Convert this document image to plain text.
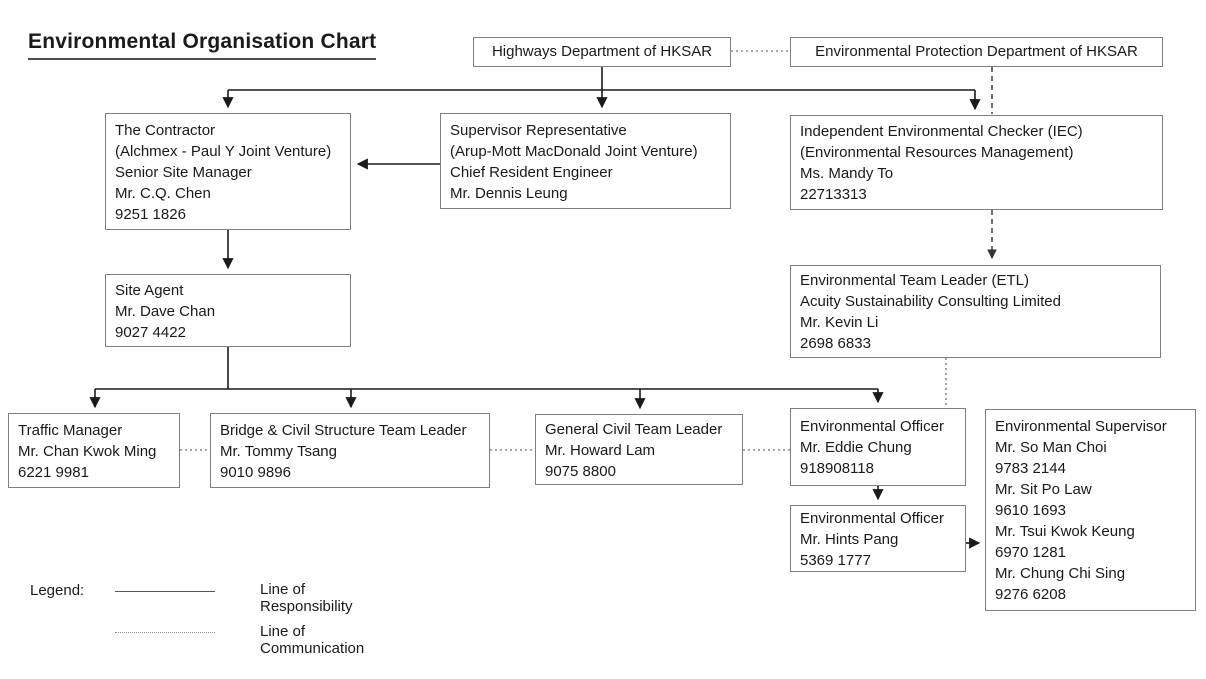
Environmental Organisation Chart	Highways Department of HKSAR	Environmental Protection Department of HKSAR
The Contractor
(Alchmex - Paul Y Joint Venture)
Senior Site Manager
Mr. C.Q. Chen
9251 1826
Supervisor Representative
(Arup-Mott MacDonald Joint Venture)
Chief Resident Engineer
Mr. Dennis Leung
Independent Environmental Checker (IEC)
(Environmental Resources Management)
Ms. Mandy To
22713313
Site Agent
Mr. Dave Chan
9027 4422
Environmental Team Leader (ETL)
Acuity Sustainability Consulting Limited
Mr. Kevin Li
2698 6833
Traffic Manager
Mr. Chan Kwok Ming
6221 9981
Bridge & Civil Structure Team Leader
Mr. Tommy Tsang
9010 9896
General Civil Team Leader
Mr. Howard Lam
9075 8800
Environmental Officer
Mr. Eddie Chung
918908118
Environmental Officer
Mr. Hints Pang
5369 1777
Environmental Supervisor
Mr. So Man Choi
9783 2144
Mr. Sit Po Law
9610 1693
Mr. Tsui Kwok Keung
6970 1281
Mr. Chung Chi Sing
9276 6208
Legend:	Line of Responsibility
Line of Communication
